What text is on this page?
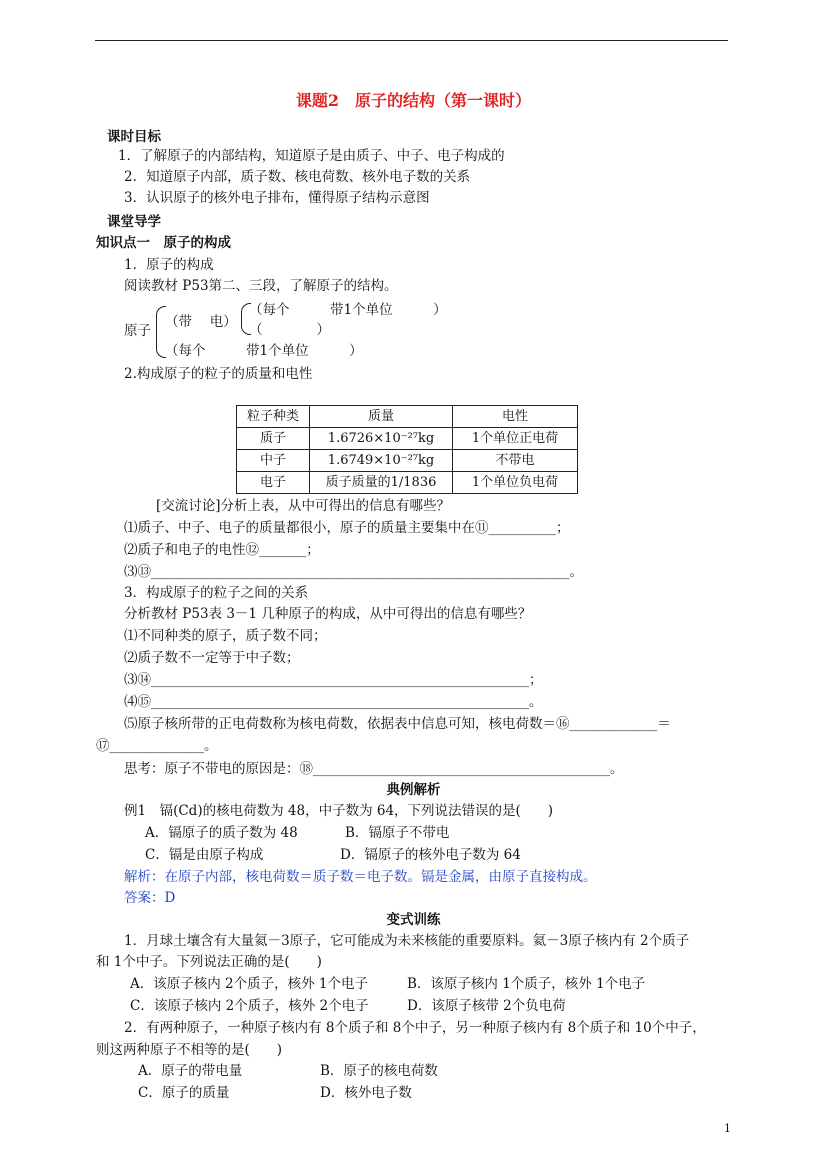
课题2　原子的结构（第一课时）
课时目标
1．了解原子的内部结构，知道原子是由质子、中子、电子构成的
2．知道原子内部，质子数、核电荷数、核外电子数的关系
3．认识原子的核外电子排布，懂得原子结构示意图
课堂导学
知识点一　原子的构成
1．原子的构成
阅读教材 P53第二、三段，了解原子的结构。
原子
（带　 电）
（每个　　　带1个单位　　　）
（　　　　）
（每个　　　带1个单位　　　）
2.构成原子的粒子的质量和电性
粒子种类	质量	电性
质子	1.6726×10⁻²⁷kg	1个单位正电荷
中子	1.6749×10⁻²⁷kg	不带电
电子	质子质量的1/1836	1个单位负电荷
[交流讨论]分析上表，从中可得出的信息有哪些？
⑴质子、中子、电子的质量都很小，原子的质量主要集中在⑪__________；
⑵质子和电子的电性⑫_______；
⑶⑬______________________________________________________________。
3．构成原子的粒子之间的关系
分析教材 P53表 3－1 几种原子的构成，从中可得出的信息有哪些？
⑴不同种类的原子，质子数不同；
⑵质子数不一定等于中子数；
⑶⑭________________________________________________________；
⑷⑮________________________________________________________。
⑸原子核所带的正电荷数称为核电荷数，依据表中信息可知，核电荷数＝⑯_____________＝
⑰______________。
思考：原子不带电的原因是：⑱____________________________________________。
典例解析
例1　镉(Cd)的核电荷数为 48，中子数为 64，下列说法错误的是(　　)
A．镉原子的质子数为 48	B．镉原子不带电
C．镉是由原子构成	D．镉原子的核外电子数为 64
解析：在原子内部，核电荷数＝质子数＝电子数。镉是金属，由原子直接构成。
答案：D
变式训练
1．月球土壤含有大量氦－3原子，它可能成为未来核能的重要原料。氦－3原子核内有 2个质子
和 1个中子。下列说法正确的是(　　)
A．该原子核内 2个质子，核外 1个电子	B．该原子核内 1个质子，核外 1个电子
C．该原子核内 2个质子，核外 2个电子	D．该原子核带 2个负电荷
2．有两种原子，一种原子核内有 8个质子和 8个中子，另一种原子核内有 8个质子和 10个中子，
则这两种原子不相等的是(　　)
A．原子的带电量	B．原子的核电荷数
C．原子的质量	D．核外电子数
1
